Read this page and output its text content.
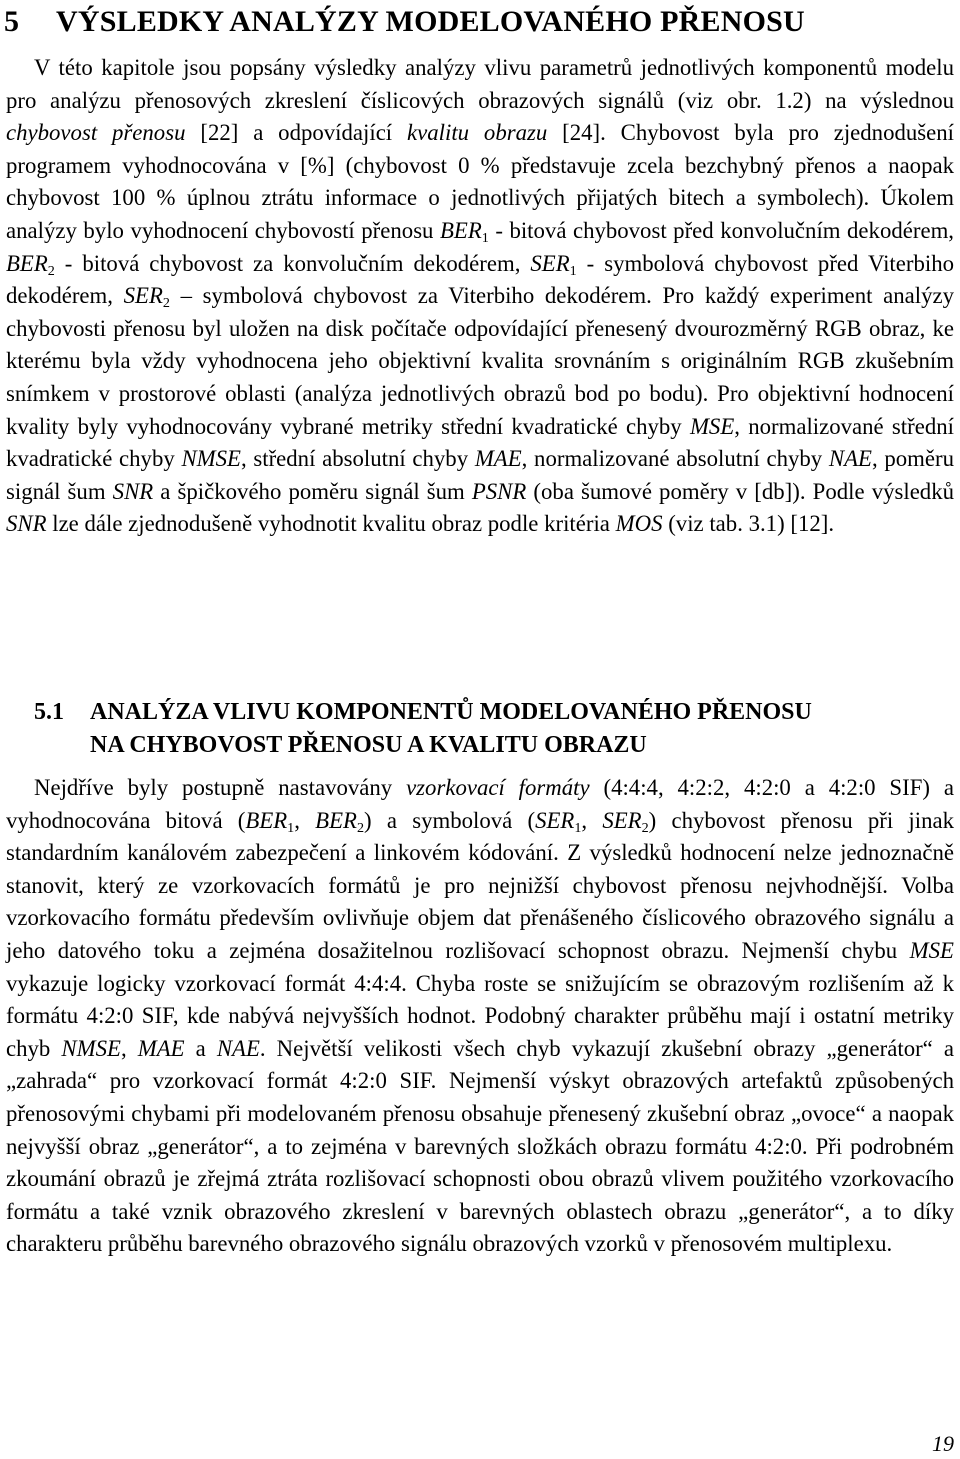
5 VÝSLEDKY ANALÝZY MODELOVANÉHO PŘENOSU

V této kapitole jsou popsány výsledky analýzy vlivu parametrů jednotlivých komponentů modelu pro analýzu přenosových zkreslení číslicových obrazových signálů (viz obr. 1.2) na výslednou chybovost přenosu [22] a odpovídající kvalitu obrazu [24]. Chybovost byla pro zjednodušení programem vyhodnocována v [%] (chybovost 0 % představuje zcela bezchybný přenos a naopak chybovost 100 % úplnou ztrátu informace o jednotlivých přijatých bitech a symbolech). Úkolem analýzy bylo vyhodnocení chybovostí přenosu $BER_1$ - bitová chybovost před konvolučním dekodérem, $BER_2$ - bitová chybovost za konvolučním dekodérem, $SER_1$ - symbolová chybovost před Viterbiho dekodérem, $SER_2$ – symbolová chybovost za Viterbiho dekodérem. Pro každý experiment analýzy chybovosti přenosu byl uložen na disk počítače odpovídající přenesený dvourozměrný RGB obraz, ke kterému byla vždy vyhodnocena jeho objektivní kvalita srovnáním s originálním RGB zkušebním snímkem v prostorové oblasti (analýza jednotlivých obrazů bod po bodu). Pro objektivní hodnocení kvality byly vyhodnocovány vybrané metriky střední kvadratické chyby MSE, normalizované střední kvadratické chyby NMSE, střední absolutní chyby MAE, normalizované absolutní chyby NAE, poměru signál šum SNR a špičkového poměru signál šum PSNR (oba šumové poměry v [db]). Podle výsledků SNR lze dále zjednodušeně vyhodnotit kvalitu obraz podle kritéria MOS (viz tab. 3.1) [12].

5.1 ANALÝZA VLIVU KOMPONENTŮ MODELOVANÉHO PŘENOSU
NA CHYBOVOST PŘENOSU A KVALITU OBRAZU

Nejdříve byly postupně nastavovány vzorkovací formáty (4:4:4, 4:2:2, 4:2:0 a 4:2:0 SIF) a vyhodnocována bitová ($BER_1$, $BER_2$) a symbolová ($SER_1$, $SER_2$) chybovost přenosu při jinak standardním kanálovém zabezpečení a linkovém kódování. Z výsledků hodnocení nelze jednoznačně stanovit, který ze vzorkovacích formátů je pro nejnižší chybovost přenosu nejvhodnější. Volba vzorkovacího formátu především ovlivňuje objem dat přenášeného číslicového obrazového signálu a jeho datového toku a zejména dosažitelnou rozlišovací schopnost obrazu. Nejmenší chybu MSE vykazuje logicky vzorkovací formát 4:4:4. Chyba roste se snižujícím se obrazovým rozlišením až k formátu 4:2:0 SIF, kde nabývá nejvyšších hodnot. Podobný charakter průběhu mají i ostatní metriky chyb NMSE, MAE a NAE. Největší velikosti všech chyb vykazují zkušební obrazy „generátor“ a „zahrada“ pro vzorkovací formát 4:2:0 SIF. Nejmenší výskyt obrazových artefaktů způsobených přenosovými chybami při modelovaném přenosu obsahuje přenesený zkušební obraz „ovoce“ a naopak nejvyšší obraz „generátor“, a to zejména v barevných složkách obrazu formátu 4:2:0. Při podrobném zkoumání obrazů je zřejmá ztráta rozlišovací schopnosti obou obrazů vlivem použitého vzorkovacího formátu a také vznik obrazového zkreslení v barevných oblastech obrazu „generátor“, a to díky charakteru průběhu barevného obrazového signálu obrazových vzorků v přenosovém multiplexu.

19
